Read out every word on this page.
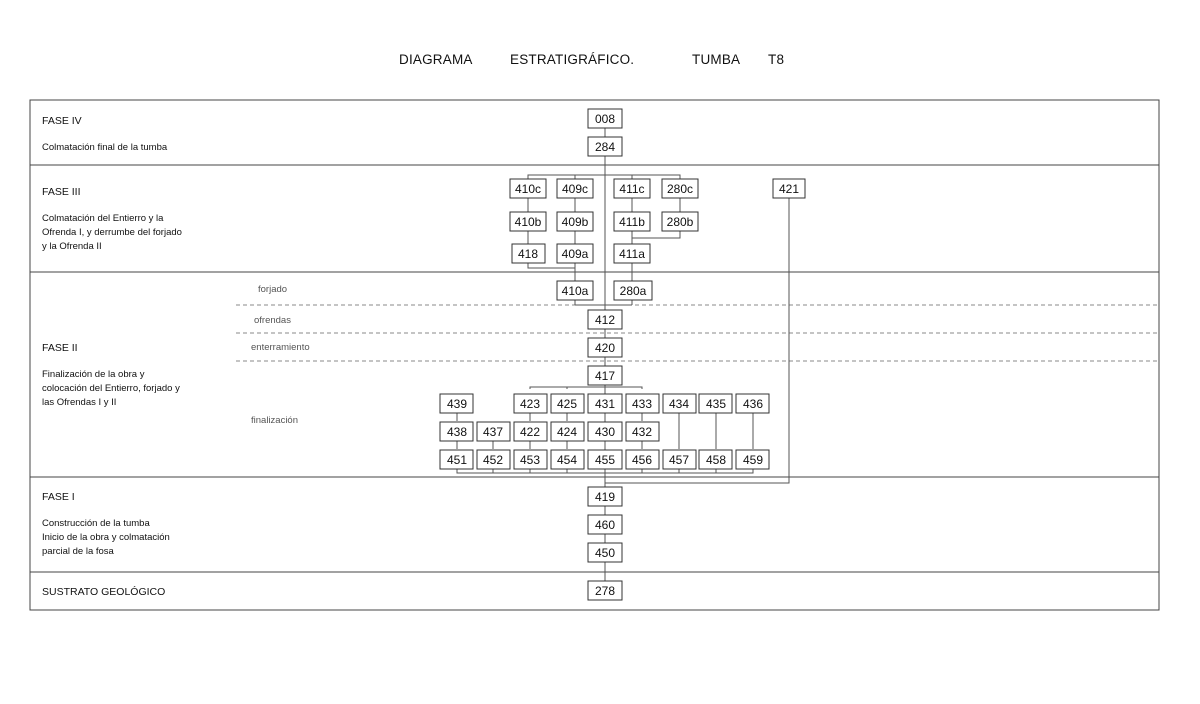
DIAGRAMA	ESTRATIGRÁFICO.	TUMBA T8
FASE IV
Colmatación final de la tumba
FASE III
Colmatación del Entierro y la
Ofrenda I, y derrumbe del forjado
y la Ofrenda II
FASE II
Finalización de la obra y
colocación del Entierro, forjado y
las Ofrendas I y II
FASE I
Construcción de la tumba
Inicio de la obra y colmatación
parcial de la fosa
SUSTRATO GEOLÓGICO
forjado
ofrendas
enterramiento
finalización
008
284
410c 409c	411c 280c	421
410b 409b	411b 280b
418 409a	411a
410a	280a
412
420
417
439	423 425 431 433 434 435 436
438 437 422 424 430 432
451 452 453 454 455 456 457 458 459
419
460
450
278
